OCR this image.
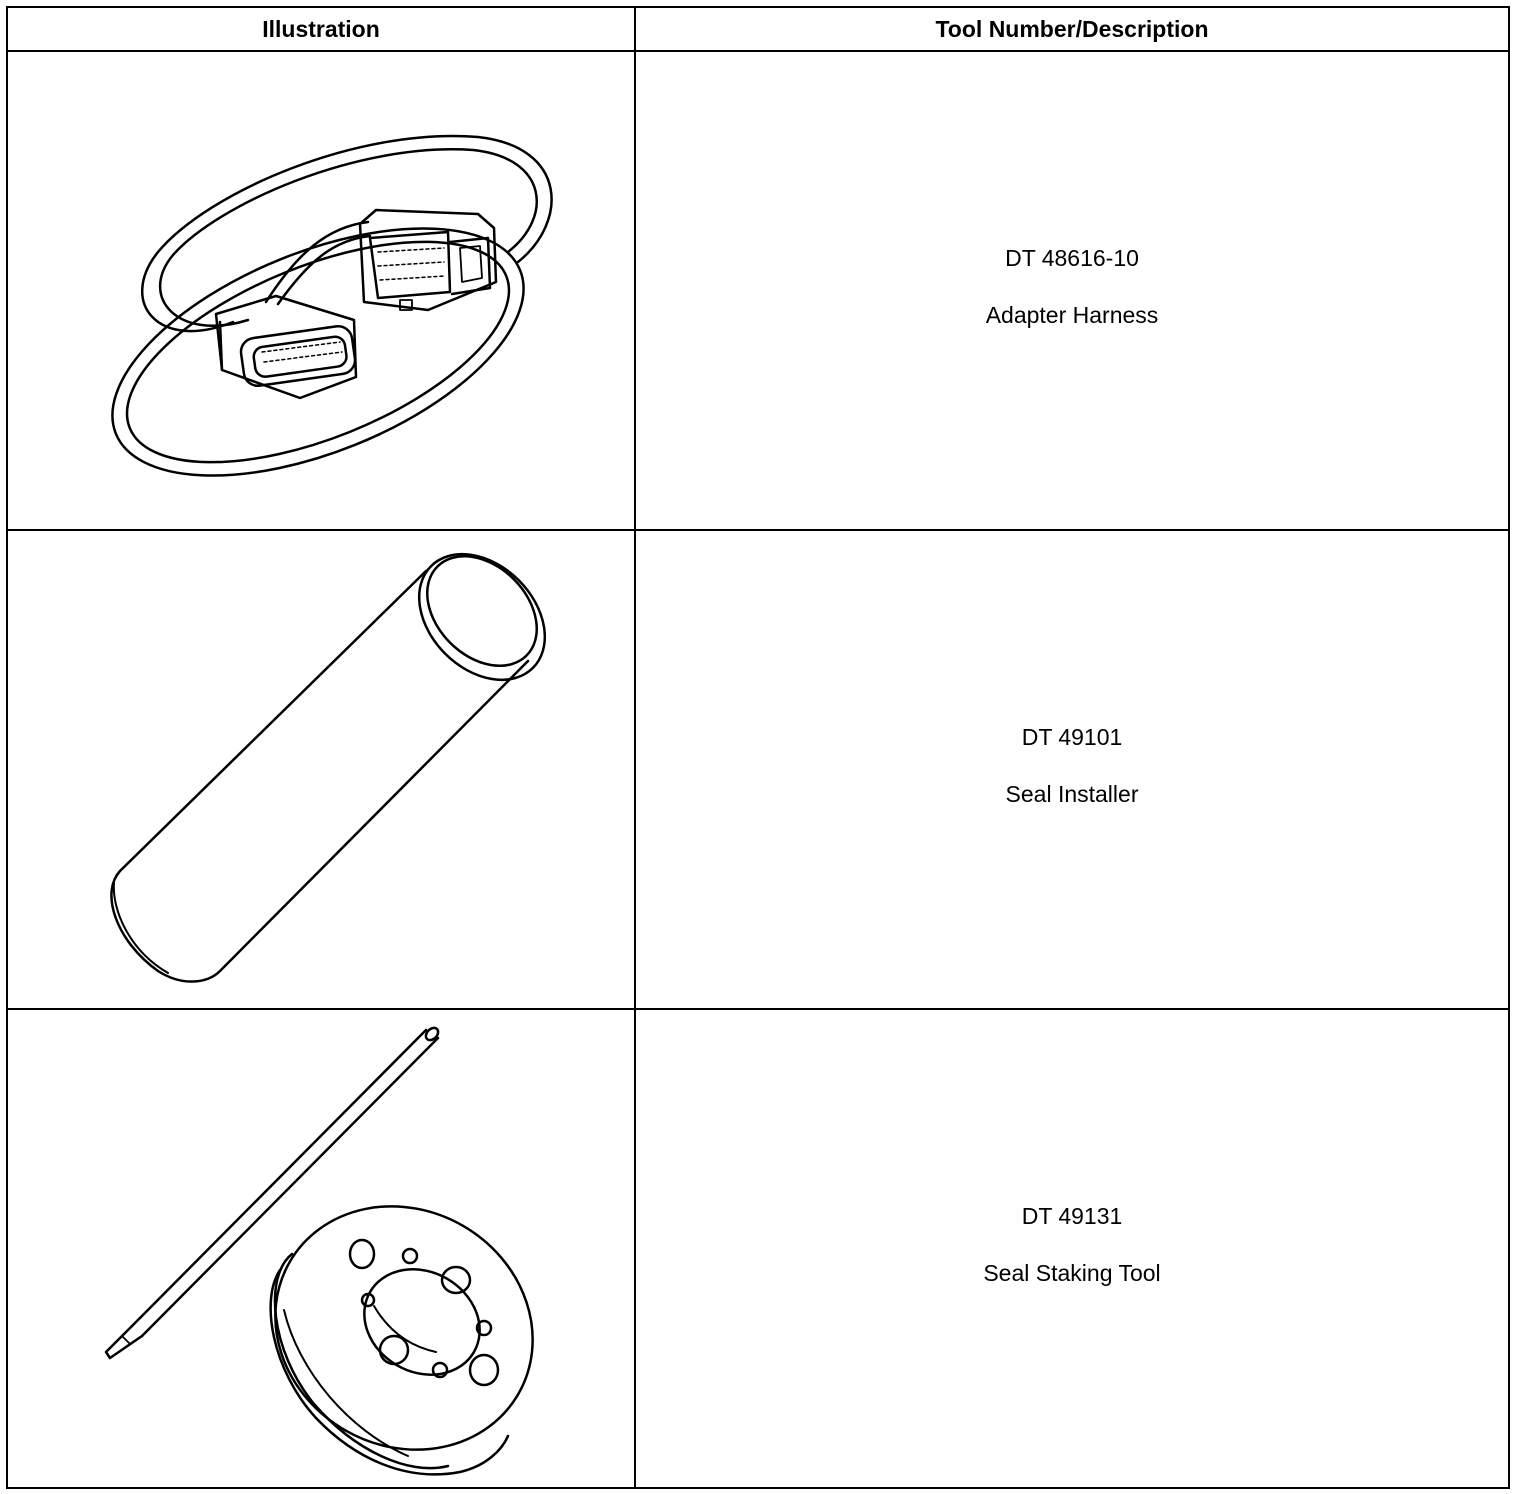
Illustration	Tool Number/Description

DT 48616-10
Adapter Harness

DT 49101
Seal Installer

DT 49131
Seal Staking Tool
